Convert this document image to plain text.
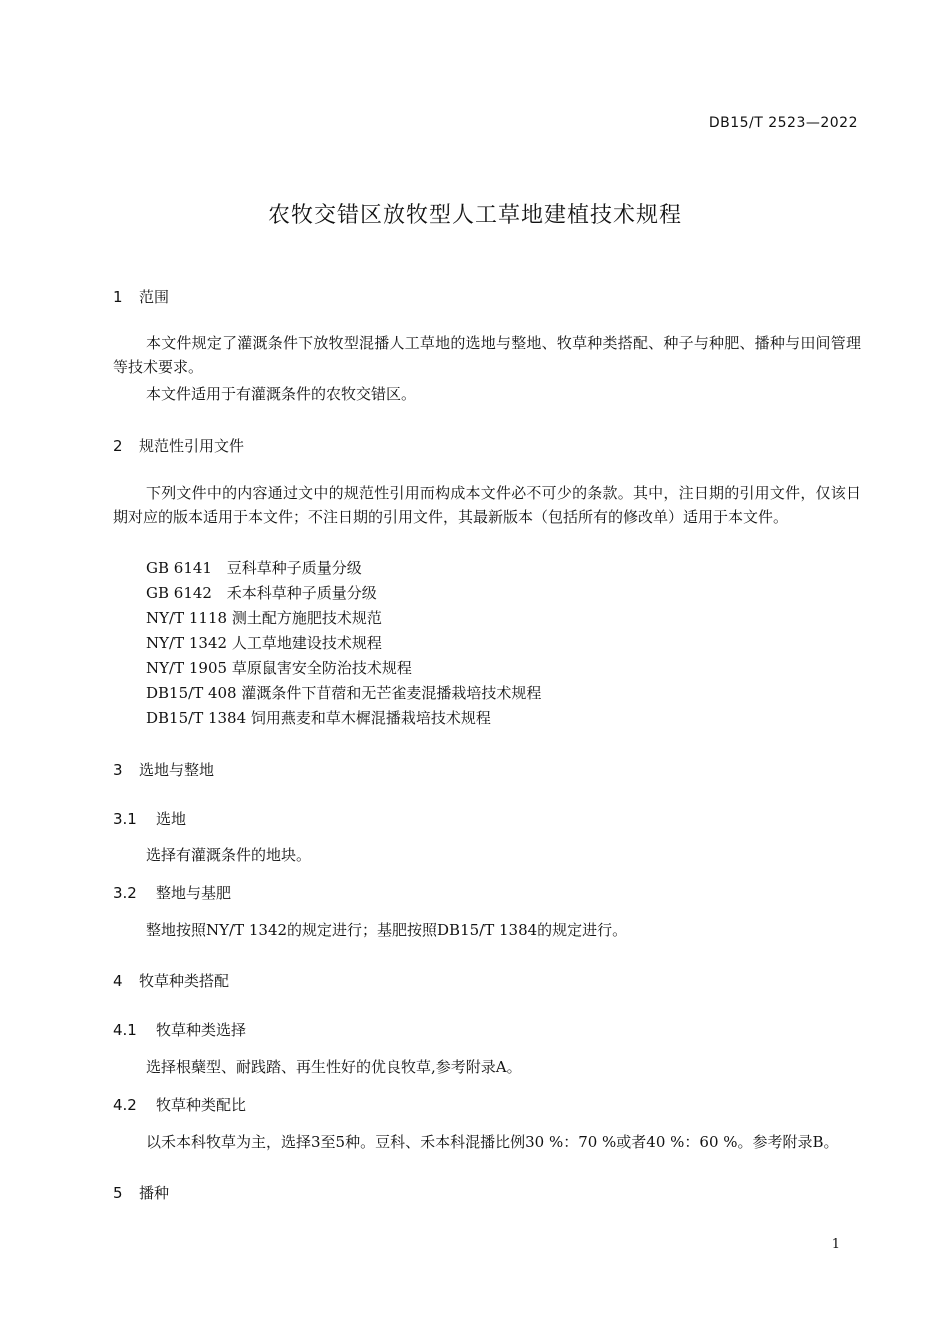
DB15/T 2523—2022
农牧交错区放牧型人工草地建植技术规程
1 范围
本文件规定了灌溉条件下放牧型混播人工草地的选地与整地、牧草种类搭配、种子与种肥、播种与田间管理等技术要求。
本文件适用于有灌溉条件的农牧交错区。
2 规范性引用文件
下列文件中的内容通过文中的规范性引用而构成本文件必不可少的条款。其中，注日期的引用文件，仅该日期对应的版本适用于本文件；不注日期的引用文件，其最新版本（包括所有的修改单）适用于本文件。
GB 6141 豆科草种子质量分级
GB 6142 禾本科草种子质量分级
NY/T 1118 测土配方施肥技术规范
NY/T 1342 人工草地建设技术规程
NY/T 1905 草原鼠害安全防治技术规程
DB15/T 408 灌溉条件下苜蓿和无芒雀麦混播栽培技术规程
DB15/T 1384 饲用燕麦和草木樨混播栽培技术规程
3 选地与整地
3.1 选地
选择有灌溉条件的地块。
3.2 整地与基肥
整地按照NY/T 1342的规定进行；基肥按照DB15/T 1384的规定进行。
4 牧草种类搭配
4.1 牧草种类选择
选择根蘖型、耐践踏、再生性好的优良牧草,参考附录A。
4.2 牧草种类配比
以禾本科牧草为主，选择3至5种。豆科、禾本科混播比例30 %：70 %或者40 %：60 %。参考附录B。
5 播种
1
